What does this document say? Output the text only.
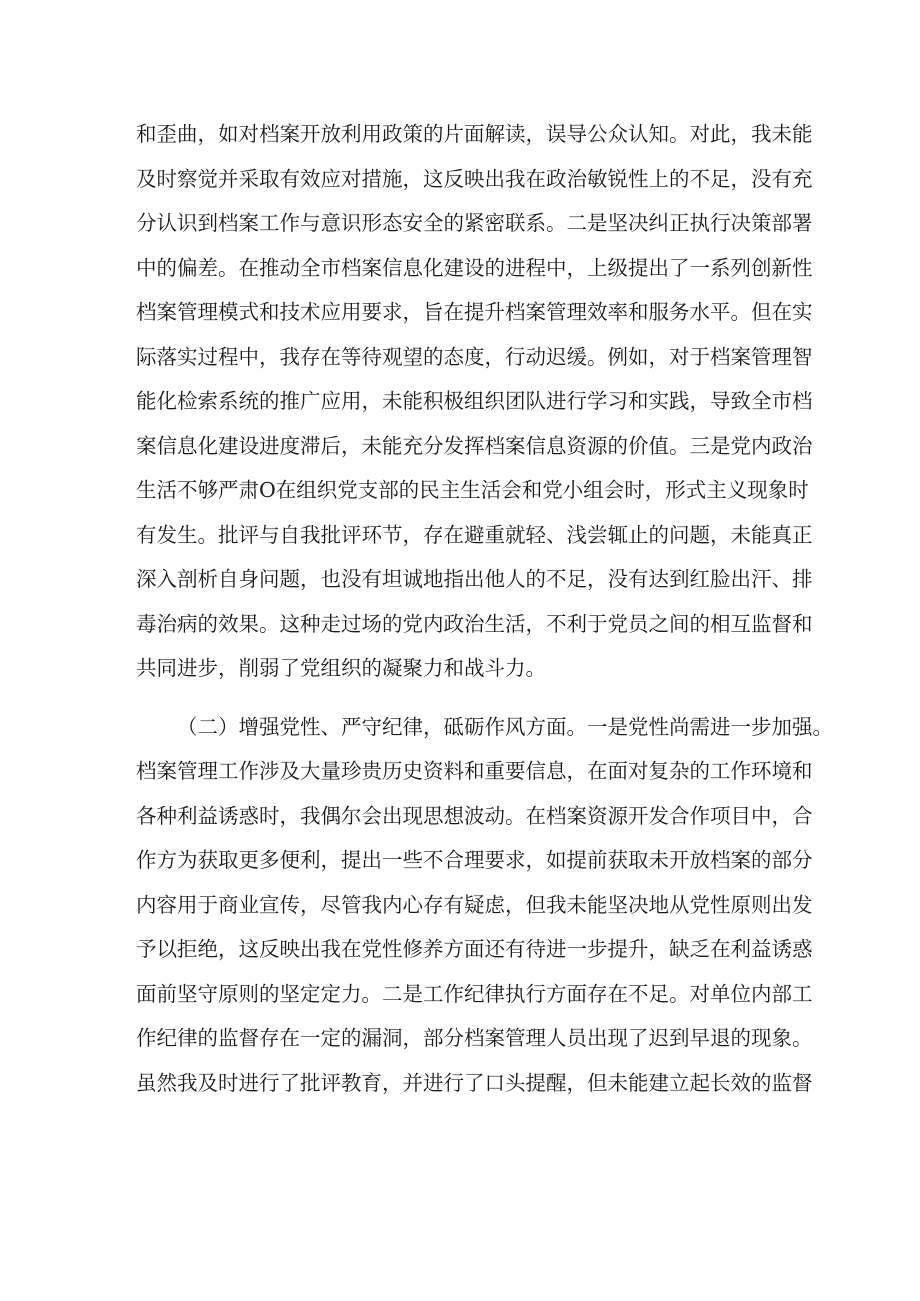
和歪曲，如对档案开放利用政策的片面解读，误导公众认知。对此，我未能
及时察觉并采取有效应对措施，这反映出我在政治敏锐性上的不足，没有充
分认识到档案工作与意识形态安全的紧密联系。二是坚决纠正执行决策部署
中的偏差。在推动全市档案信息化建设的进程中，上级提出了一系列创新性
档案管理模式和技术应用要求，旨在提升档案管理效率和服务水平。但在实
际落实过程中，我存在等待观望的态度，行动迟缓。例如，对于档案管理智
能化检索系统的推广应用，未能积极组织团队进行学习和实践，导致全市档
案信息化建设进度滞后，未能充分发挥档案信息资源的价值。三是党内政治
生活不够严肃O在组织党支部的民主生活会和党小组会时，形式主义现象时
有发生。批评与自我批评环节，存在避重就轻、浅尝辄止的问题，未能真正
深入剖析自身问题，也没有坦诚地指出他人的不足，没有达到红脸出汗、排
毒治病的效果。这种走过场的党内政治生活，不利于党员之间的相互监督和
共同进步，削弱了党组织的凝聚力和战斗力。
（二）增强党性、严守纪律，砥砺作风方面。一是党性尚需进一步加强。
档案管理工作涉及大量珍贵历史资料和重要信息，在面对复杂的工作环境和
各种利益诱惑时，我偶尔会出现思想波动。在档案资源开发合作项目中，合
作方为获取更多便利，提出一些不合理要求，如提前获取未开放档案的部分
内容用于商业宣传，尽管我内心存有疑虑，但我未能坚决地从党性原则出发
予以拒绝，这反映出我在党性修养方面还有待进一步提升，缺乏在利益诱惑
面前坚守原则的坚定定力。二是工作纪律执行方面存在不足。对单位内部工
作纪律的监督存在一定的漏洞，部分档案管理人员出现了迟到早退的现象。
虽然我及时进行了批评教育，并进行了口头提醒，但未能建立起长效的监督
